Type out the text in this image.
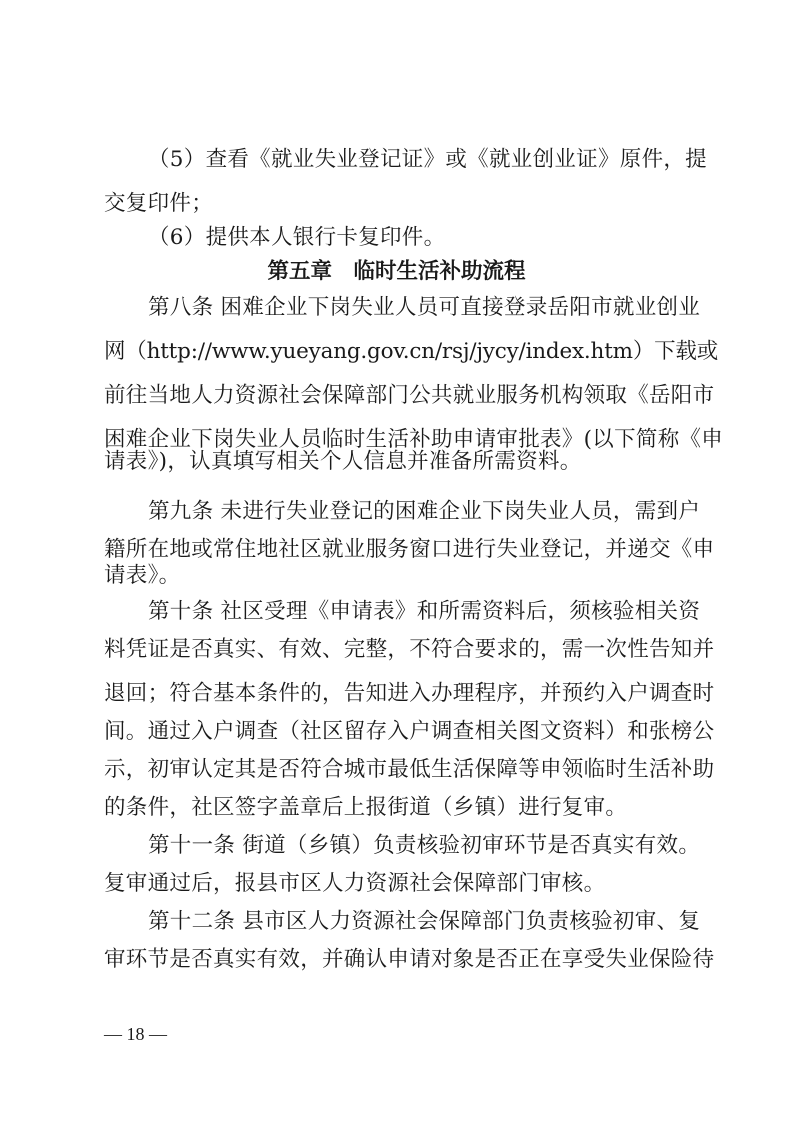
（5）查看《就业失业登记证》或《就业创业证》原件，提
交复印件；
（6）提供本人银行卡复印件。
第五章　临时生活补助流程
第八条 困难企业下岗失业人员可直接登录岳阳市就业创业
网（http://www.yueyang.gov.cn/rsj/jycy/index.htm）下载或
前往当地人力资源社会保障部门公共就业服务机构领取《岳阳市
困难企业下岗失业人员临时生活补助申请审批表》(以下简称《申
请表》)，认真填写相关个人信息并准备所需资料。
第九条 未进行失业登记的困难企业下岗失业人员，需到户
籍所在地或常住地社区就业服务窗口进行失业登记，并递交《申
请表》。
第十条 社区受理《申请表》和所需资料后，须核验相关资
料凭证是否真实、有效、完整，不符合要求的，需一次性告知并
退回；符合基本条件的，告知进入办理程序，并预约入户调查时
间。通过入户调查（社区留存入户调查相关图文资料）和张榜公
示，初审认定其是否符合城市最低生活保障等申领临时生活补助
的条件，社区签字盖章后上报街道（乡镇）进行复审。
第十一条 街道（乡镇）负责核验初审环节是否真实有效。
复审通过后，报县市区人力资源社会保障部门审核。
第十二条 县市区人力资源社会保障部门负责核验初审、复
审环节是否真实有效，并确认申请对象是否正在享受失业保险待
— 18 —
